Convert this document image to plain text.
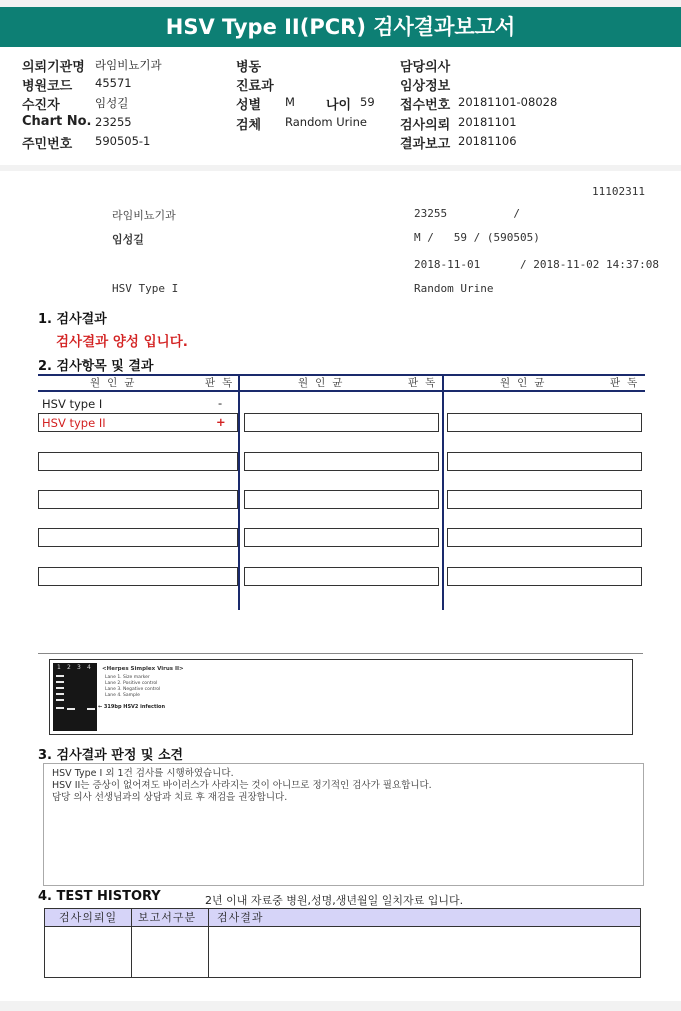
HSV Type II(PCR) 검사결과보고서
의뢰기관명 라임비뇨기과
병원코드 45571
수진자	임성길
Chart No. 23255
주민번호 590505-1
병동
진료과
성별 M 나이 59
검체 Random Urine
담당의사
임상정보
접수번호 20181101-08028
검사의뢰 20181101
결과보고 20181106
11102311
라임비뇨기과	23255          /
임성길	M /   59 / (590505)
2018-11-01      / 2018-11-02 14:37:08
HSV Type I	Random Urine
1. 검사결과
검사결과 양성 입니다.
2. 검사항목 및 결과
원인균	판독	원인균	판독	원인균	판독
HSV type I	-
HSV type II	+
1 2 3 4 <Herpes Simplex Virus II>
Lane 1. Size marker
Lane 2. Positive control
Lane 3. Negative control
Lane 4. Sample
← 319bp HSV2 infection
3. 검사결과 판정 및 소견
HSV Type I 외 1건 검사를 시행하였습니다.
HSV II는 증상이 없어져도 바이러스가 사라지는 것이 아니므로 정기적인 검사가 필요합니다.
담당 의사 선생님과의 상담과 치료 후 재검을 권장합니다.
4. TEST HISTORY	2년 이내 자료중 병원,성명,생년월일 일치자료 입니다.
검사의뢰일 보고서구분 검사결과
